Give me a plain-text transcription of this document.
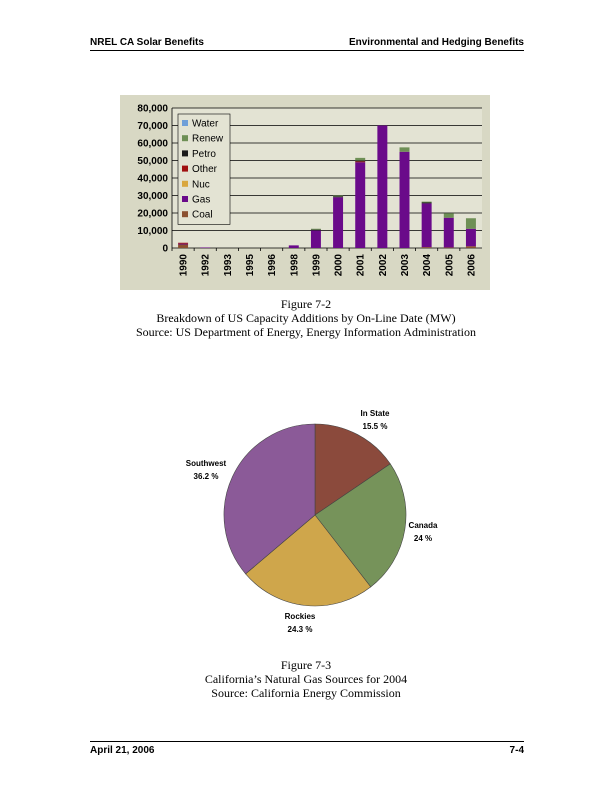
NREL CA Solar Benefits	Environmental and Hedging Benefits
0
10,000
20,000
30,000
40,000
50,000
60,000
70,000
80,000
1990 1992 1993 1995 1996 1998 1999 2000 2001 2002 2003 2004 2005 2006
Water
Renew
Petro
Other
Nuc
Gas
Coal
Figure 7-2
Breakdown of US Capacity Additions by On-Line Date (MW)
Source: US Department of Energy, Energy Information Administration
In State
15.5 %
Canada
24 %
Rockies
24.3 %
Southwest
36.2 %
Figure 7-3
California’s Natural Gas Sources for 2004
Source: California Energy Commission
April 21, 2006	7-4
